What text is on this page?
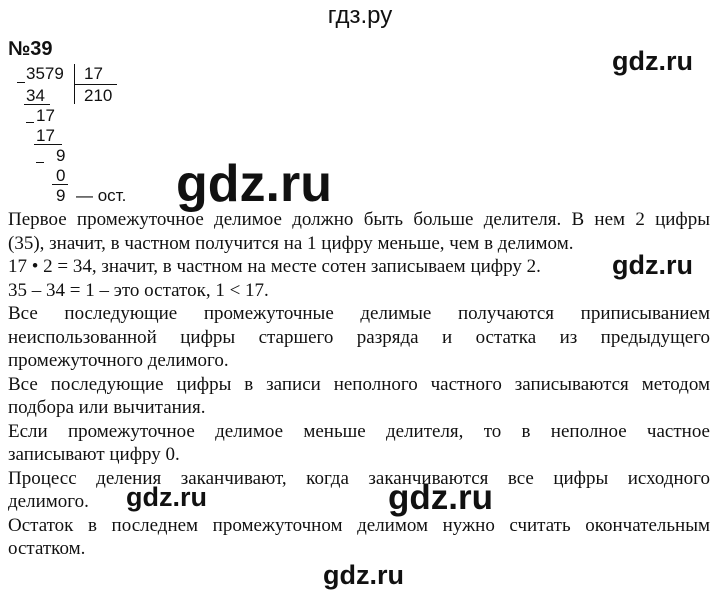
гдз.ру
№39	gdz.ru
gdz.ru
gdz.ru
gdz.ru	gdz.ru
gdz.ru
3579 17
210
34
17
17
9
0
9 — ост.

Первое промежуточное делимое должно быть больше делителя. В нем 2 цифры

(35), значит, в частном получится на 1 цифру меньше, чем в делимом.

17 • 2 = 34, значит, в частном на месте сотен записываем цифру 2.

35 – 34 = 1 – это остаток, 1 < 17.

Все последующие промежуточные делимые получаются приписыванием

неиспользованной цифры старшего разряда и остатка из предыдущего

промежуточного делимого.

Все последующие цифры в записи неполного частного записываются методом

подбора или вычитания.

Если промежуточное делимое меньше делителя, то в неполное частное

записывают цифру 0.

Процесс деления заканчивают, когда заканчиваются все цифры исходного

делимого.

Остаток в последнем промежуточном делимом нужно считать окончательным

остатком.
